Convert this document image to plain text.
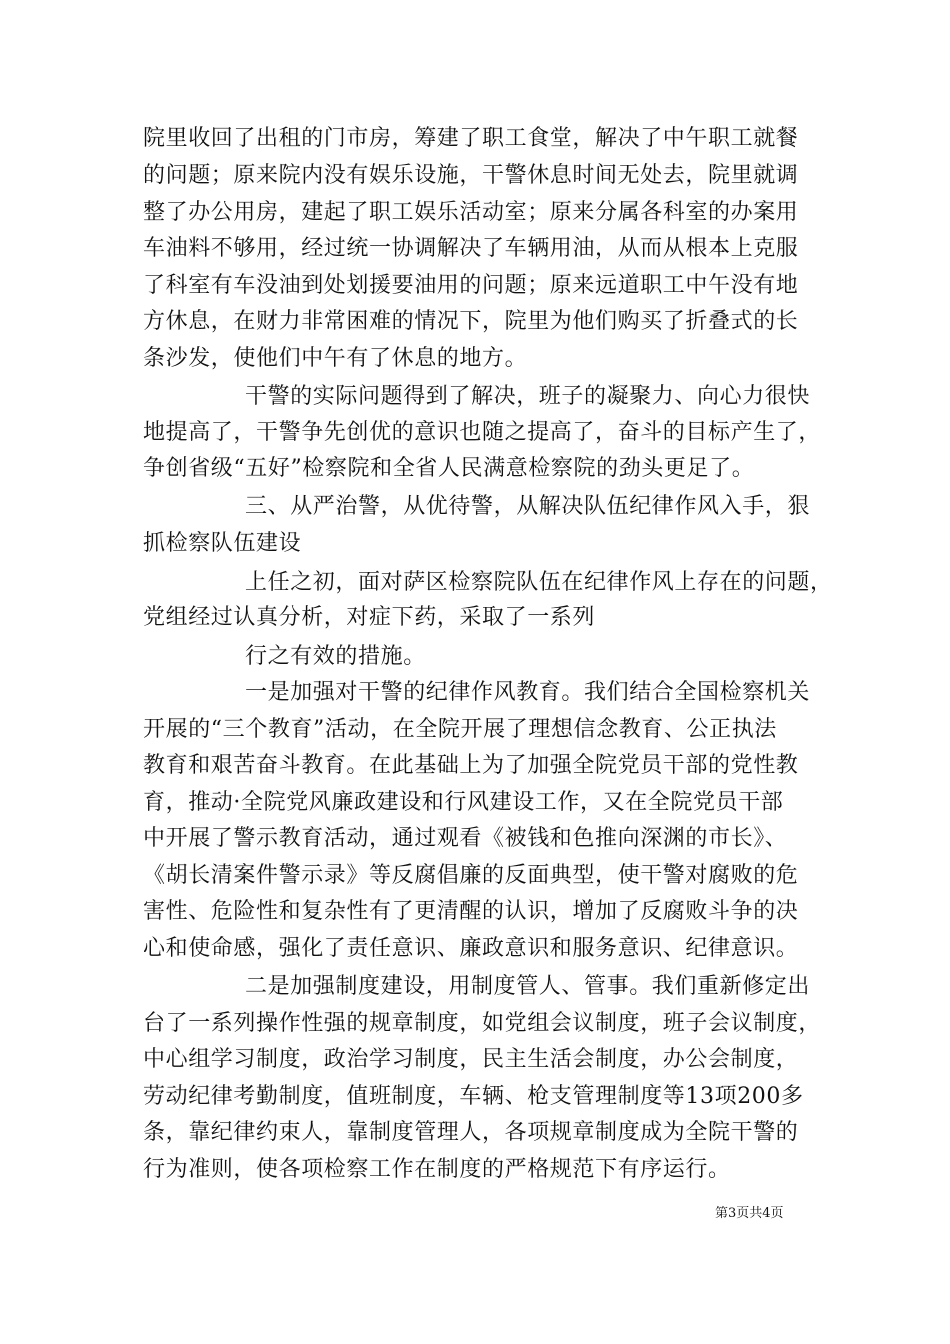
院里收回了出租的门市房，筹建了职工食堂，解决了中午职工就餐
的问题；原来院内没有娱乐设施，干警休息时间无处去，院里就调
整了办公用房，建起了职工娱乐活动室；原来分属各科室的办案用
车油料不够用，经过统一协调解决了车辆用油，从而从根本上克服
了科室有车没油到处划援要油用的问题；原来远道职工中午没有地
方休息，在财力非常困难的情况下，院里为他们购买了折叠式的长
条沙发，使他们中午有了休息的地方。
干警的实际问题得到了解决，班子的凝聚力、向心力很快
地提高了，干警争先创优的意识也随之提高了，奋斗的目标产生了，
争创省级“五好”检察院和全省人民满意检察院的劲头更足了。
三、从严治警，从优待警，从解决队伍纪律作风入手，狠
抓检察队伍建设
上任之初，面对萨区检察院队伍在纪律作风上存在的问题，
党组经过认真分析，对症下药，采取了一系列
行之有效的措施。
一是加强对干警的纪律作风教育。我们结合全国检察机关
开展的“三个教育”活动，在全院开展了理想信念教育、公正执法
教育和艰苦奋斗教育。在此基础上为了加强全院党员干部的党性教
育，推动·全院党风廉政建设和行风建设工作，又在全院党员干部
中开展了警示教育活动，通过观看《被钱和色推向深渊的市长》、
《胡长清案件警示录》等反腐倡廉的反面典型，使干警对腐败的危
害性、危险性和复杂性有了更清醒的认识，增加了反腐败斗争的决
心和使命感，强化了责任意识、廉政意识和服务意识、纪律意识。
二是加强制度建设，用制度管人、管事。我们重新修定出
台了一系列操作性强的规章制度，如党组会议制度，班子会议制度，
中心组学习制度，政治学习制度，民主生活会制度，办公会制度，
劳动纪律考勤制度，值班制度，车辆、枪支管理制度等13项200多
条，靠纪律约束人，靠制度管理人，各项规章制度成为全院干警的
行为准则，使各项检察工作在制度的严格规范下有序运行。
第3页共4页
